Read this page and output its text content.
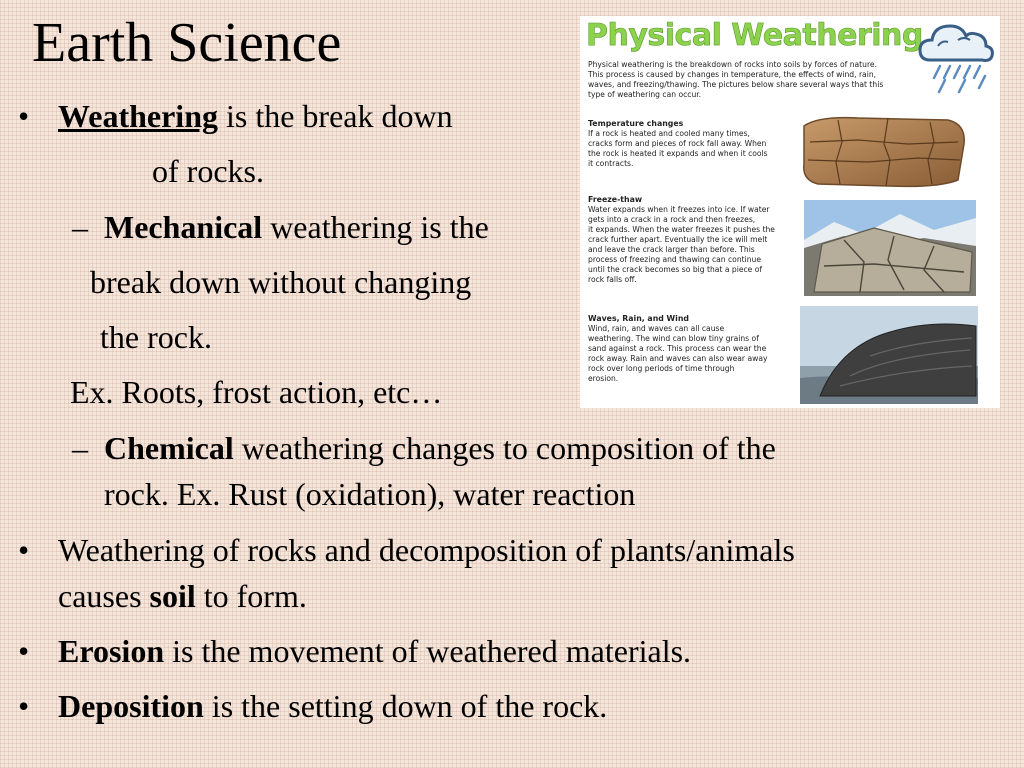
Earth Science
• Weathering is the break down
of rocks.
– Mechanical weathering is the
break down without changing
the rock.
Ex. Roots, frost action, etc…
– Chemical weathering changes to composition of the
rock. Ex. Rust (oxidation), water reaction
• Weathering of rocks and decomposition of plants/animals
causes soil to form.
• Erosion is the movement of weathered materials.
• Deposition is the setting down of the rock.
Physical Weathering
Physical weathering is the breakdown of rocks into soils by forces of nature.
This process is caused by changes in temperature, the effects of wind, rain,
waves, and freezing/thawing. The pictures below share several ways that this
type of weathering can occur.
Temperature changes
If a rock is heated and cooled many times,
cracks form and pieces of rock fall away. When
the rock is heated it expands and when it cools
it contracts.
Freeze-thaw
Water expands when it freezes into ice. If water
gets into a crack in a rock and then freezes,
it expands. When the water freezes it pushes the
crack further apart. Eventually the ice will melt
and leave the crack larger than before. This
process of freezing and thawing can continue
until the crack becomes so big that a piece of
rock falls off.
Waves, Rain, and Wind
Wind, rain, and waves can all cause
weathering. The wind can blow tiny grains of
sand against a rock. This process can wear the
rock away. Rain and waves can also wear away
rock over long periods of time through
erosion.
